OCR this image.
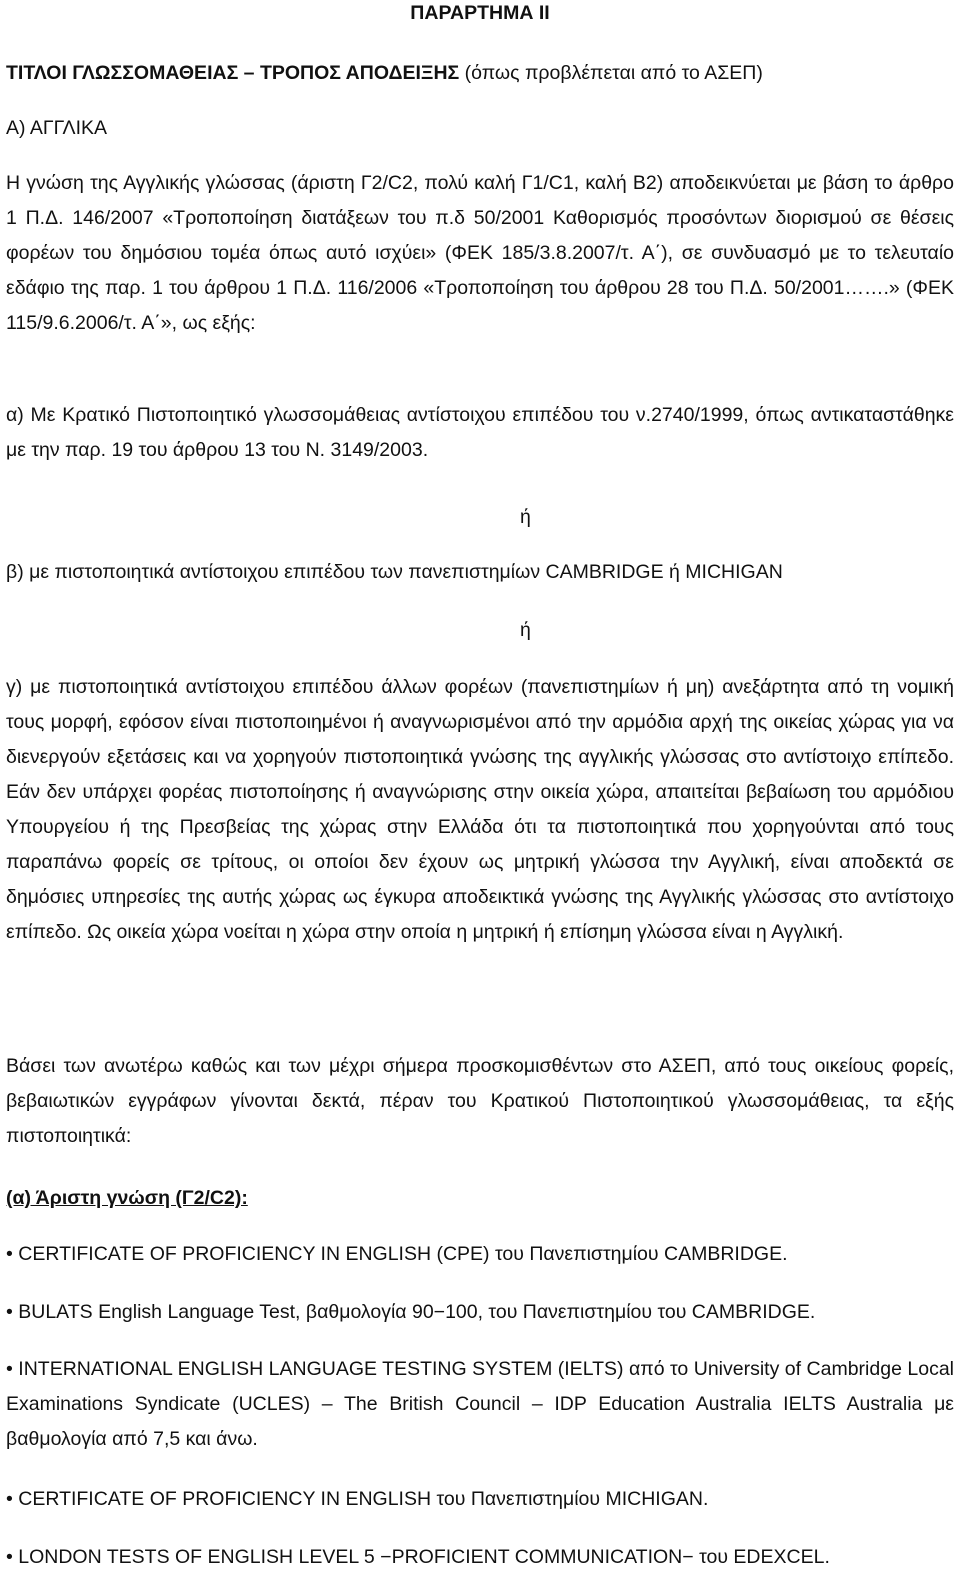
ΠΑΡΑΡΤΗΜΑ ΙΙ
ΤΙΤΛΟΙ ΓΛΩΣΣΟΜΑΘΕΙΑΣ – ΤΡΟΠΟΣ ΑΠΟΔΕΙΞΗΣ (όπως προβλέπεται από το ΑΣΕΠ)
Α) ΑΓΓΛΙΚΑ
Η γνώση της Αγγλικής γλώσσας (άριστη Γ2/C2, πολύ καλή Γ1/C1, καλή Β2) αποδεικνύεται με βάση το άρθρο 1 Π.Δ. 146/2007 «Τροποποίηση διατάξεων του π.δ 50/2001 Καθορισμός προσόντων διορισμού σε θέσεις φορέων του δημόσιου τομέα όπως αυτό ισχύει» (ΦΕΚ 185/3.8.2007/τ. Α΄), σε συνδυασμό με το τελευταίο εδάφιο της παρ. 1 του άρθρου 1 Π.Δ. 116/2006 «Τροποποίηση του άρθρου 28 του Π.Δ. 50/2001…….» (ΦΕΚ 115/9.6.2006/τ. Α΄», ως εξής:
α) Με Κρατικό Πιστοποιητικό γλωσσομάθειας αντίστοιχου επιπέδου του ν.2740/1999, όπως αντικαταστάθηκε με την παρ. 19 του άρθρου 13 του Ν. 3149/2003.
ή
β) με πιστοποιητικά αντίστοιχου επιπέδου των πανεπιστημίων CAMBRIDGE ή MICHIGAN
ή
γ) με πιστοποιητικά αντίστοιχου επιπέδου άλλων φορέων (πανεπιστημίων ή μη) ανεξάρτητα από τη νομική τους μορφή, εφόσον είναι πιστοποιημένοι ή αναγνωρισμένοι από την αρμόδια αρχή της οικείας χώρας για να διενεργούν εξετάσεις και να χορηγούν πιστοποιητικά γνώσης της αγγλικής γλώσσας στο αντίστοιχο επίπεδο. Εάν δεν υπάρχει φορέας πιστοποίησης ή αναγνώρισης στην οικεία χώρα, απαιτείται βεβαίωση του αρμόδιου Υπουργείου ή της Πρεσβείας της χώρας στην Ελλάδα ότι τα πιστοποιητικά που χορηγούνται από τους παραπάνω φορείς σε τρίτους, οι οποίοι δεν έχουν ως μητρική γλώσσα την Αγγλική, είναι αποδεκτά σε δημόσιες υπηρεσίες της αυτής χώρας ως έγκυρα αποδεικτικά γνώσης της Αγγλικής γλώσσας στο αντίστοιχο επίπεδο. Ως οικεία χώρα νοείται η χώρα στην οποία η μητρική ή επίσημη γλώσσα είναι η Αγγλική.
Βάσει των ανωτέρω καθώς και των μέχρι σήμερα προσκομισθέντων στο ΑΣΕΠ, από τους οικείους φορείς, βεβαιωτικών εγγράφων γίνονται δεκτά, πέραν του Κρατικού Πιστοποιητικού γλωσσομάθειας, τα εξής πιστοποιητικά:
(α) Άριστη γνώση (Γ2/C2):
• CERTIFICATE OF PROFICIENCY IN ENGLISH (CPE) του Πανεπιστημίου CAMBRIDGE.
• BULATS English Language Test, βαθμολογία 90−100, του Πανεπιστημίου του CAMBRIDGE.
• INTERNATIONAL ENGLISH LANGUAGE TESTING SYSTEM (IELTS) από το University of Cambridge Local Examinations Syndicate (UCLES) – The British Council – IDP Education Australia IELTS Australia με βαθμολογία από 7,5 και άνω.
• CERTIFICATE OF PROFICIENCY IN ENGLISH του Πανεπιστημίου MICHIGAN.
• LONDON TESTS OF ENGLISH LEVEL 5 −PROFICIENT COMMUNICATION− του EDEXCEL.
